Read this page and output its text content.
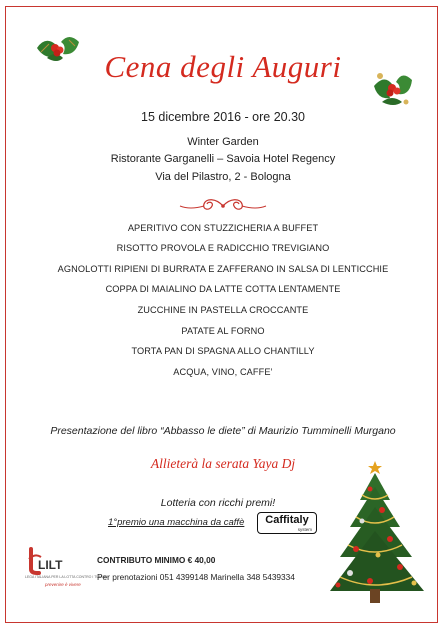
Cena degli Auguri
15 dicembre 2016 - ore 20.30
Winter Garden
Ristorante Garganelli – Savoia Hotel Regency
Via del Pilastro, 2 - Bologna
APERITIVO CON STUZZICHERIA A BUFFET
RISOTTO PROVOLA E RADICCHIO TREVIGIANO
AGNOLOTTI RIPIENI DI BURRATA E ZAFFERANO IN SALSA DI LENTICCHIE
COPPA DI MAIALINO DA LATTE COTTA LENTAMENTE
ZUCCHINE IN PASTELLA CROCCANTE
PATATE AL FORNO
TORTA PAN DI SPAGNA ALLO CHANTILLY
ACQUA, VINO, CAFFE’
Presentazione del libro “Abbasso le diete” di Maurizio Tumminelli Murgano
Allieterà la serata Yaya Dj
Lotteria con ricchi premi!
1°premio una macchina da caffè	Caffitaly
system
LILT
LEGA ITALIANA PER LA LOTTA CONTRO I TUMORI
prevenire è vivere
CONTRIBUTO MINIMO € 40,00
Per prenotazioni 051 4399148 Marinella 348 5439334
